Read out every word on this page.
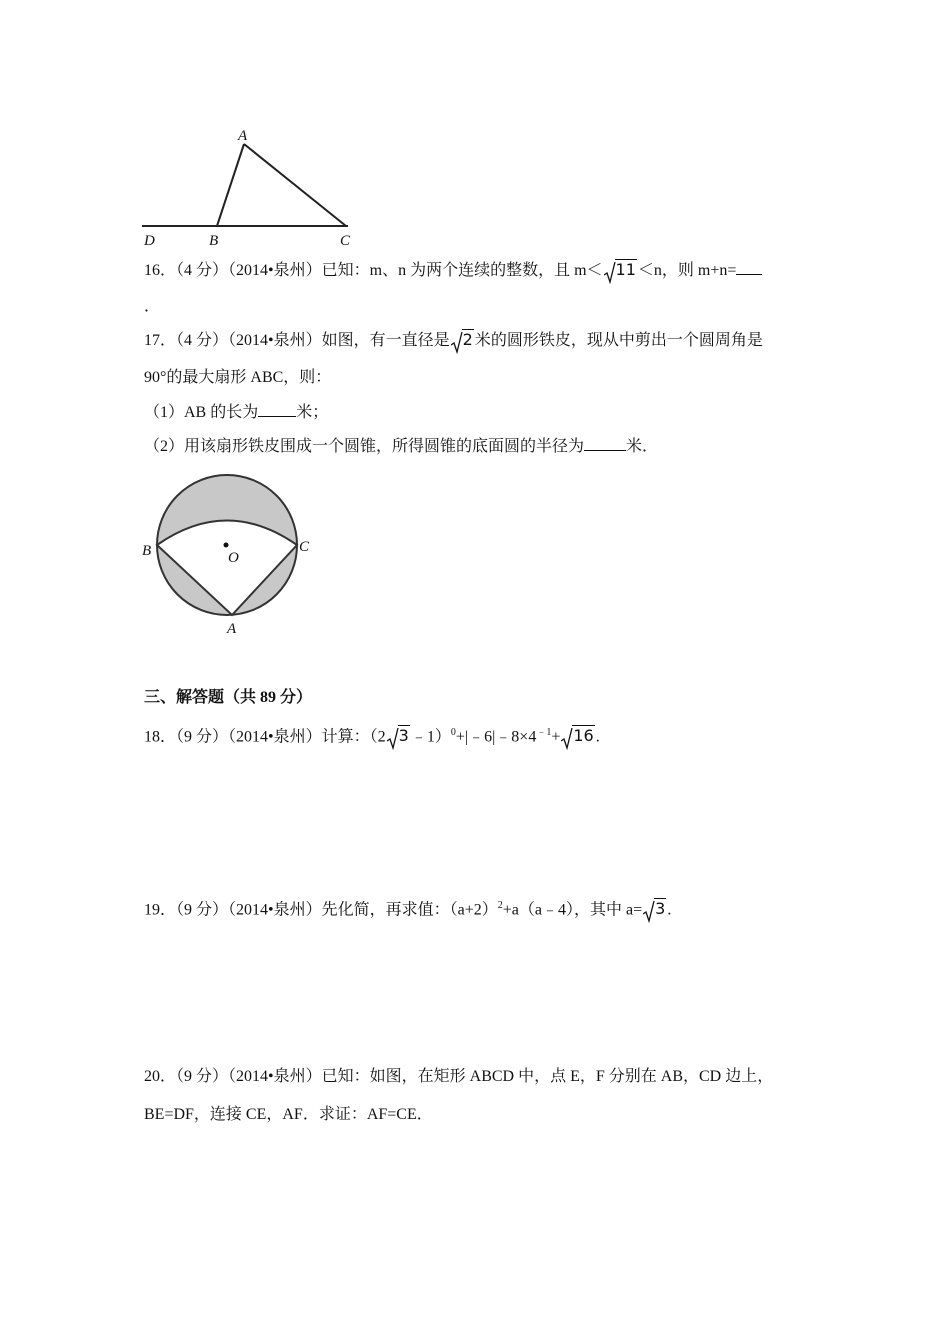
A
D	B	C
16．（4 分）（2014•泉州）已知：m、n 为两个连续的整数，且 m＜ 11 ＜n，则 m+n=
．
17．（4 分）（2014•泉州）如图，有一直径是 2 米的圆形铁皮，现从中剪出一个圆周角是
90°的最大扇形 ABC，则：
（1）AB 的长为 米；
（2）用该扇形铁皮围成一个圆锥，所得圆锥的底面圆的半径为	米．
O
B	C
A
三、解答题（共 89 分）
18．（9 分）（2014•泉州）计算：（2 3 $﹣1)^0+|﹣6|﹣8\times 4^{﹣1}+ 16$ .
19．（9 分）（2014•泉州）先化简，再求值：$(a+2)^2+a(a﹣4)$，其中 a= 3 .
20．（9 分）（2014•泉州）已知：如图，在矩形 ABCD 中，点 E，F 分别在 AB，CD 边上，
BE=DF，连接 CE，AF．求证：AF=CE．
